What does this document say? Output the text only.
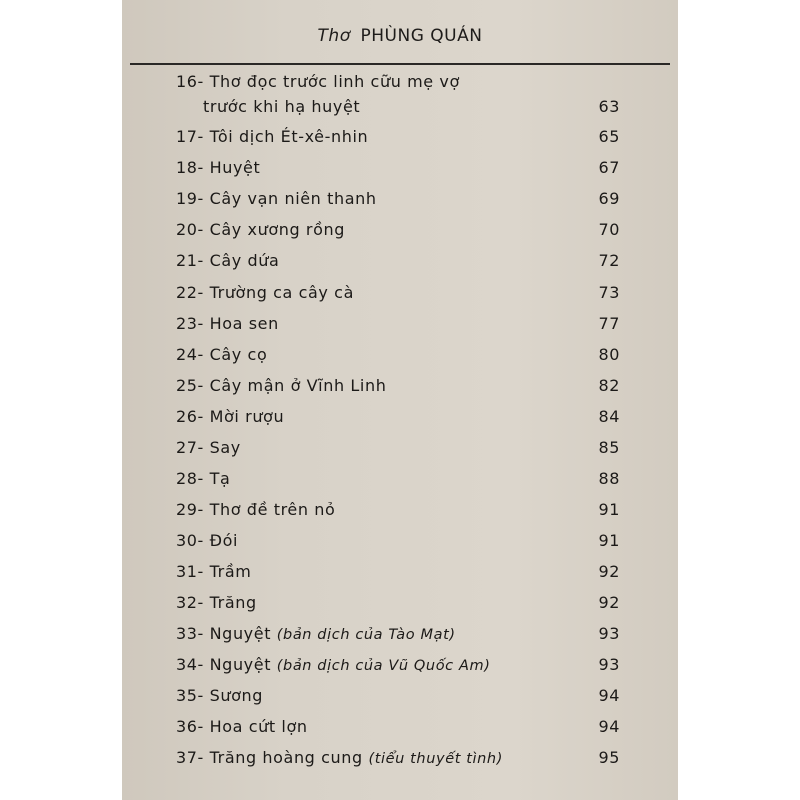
Thơ PHÙNG QUÁN
16- Thơ đọc trước linh cữu mẹ vợ
trước khi hạ huyệt	63
17- Tôi dịch Ét-xê-nhin	65
18- Huyệt	67
19- Cây vạn niên thanh	69
20- Cây xương rồng	70
21- Cây dứa	72
22- Trường ca cây cà	73
23- Hoa sen	77
24- Cây cọ	80
25- Cây mận ở Vĩnh Linh	82
26- Mời rượu	84
27- Say	85
28- Tạ	88
29- Thơ đề trên nỏ	91
30- Đói	91
31- Trầm	92
32- Trăng	92
33- Nguyệt (bản dịch của Tào Mạt)	93
34- Nguyệt (bản dịch của Vũ Quốc Am)	93
35- Sương	94
36- Hoa cứt lợn	94
37- Trăng hoàng cung (tiểu thuyết tình)	95
